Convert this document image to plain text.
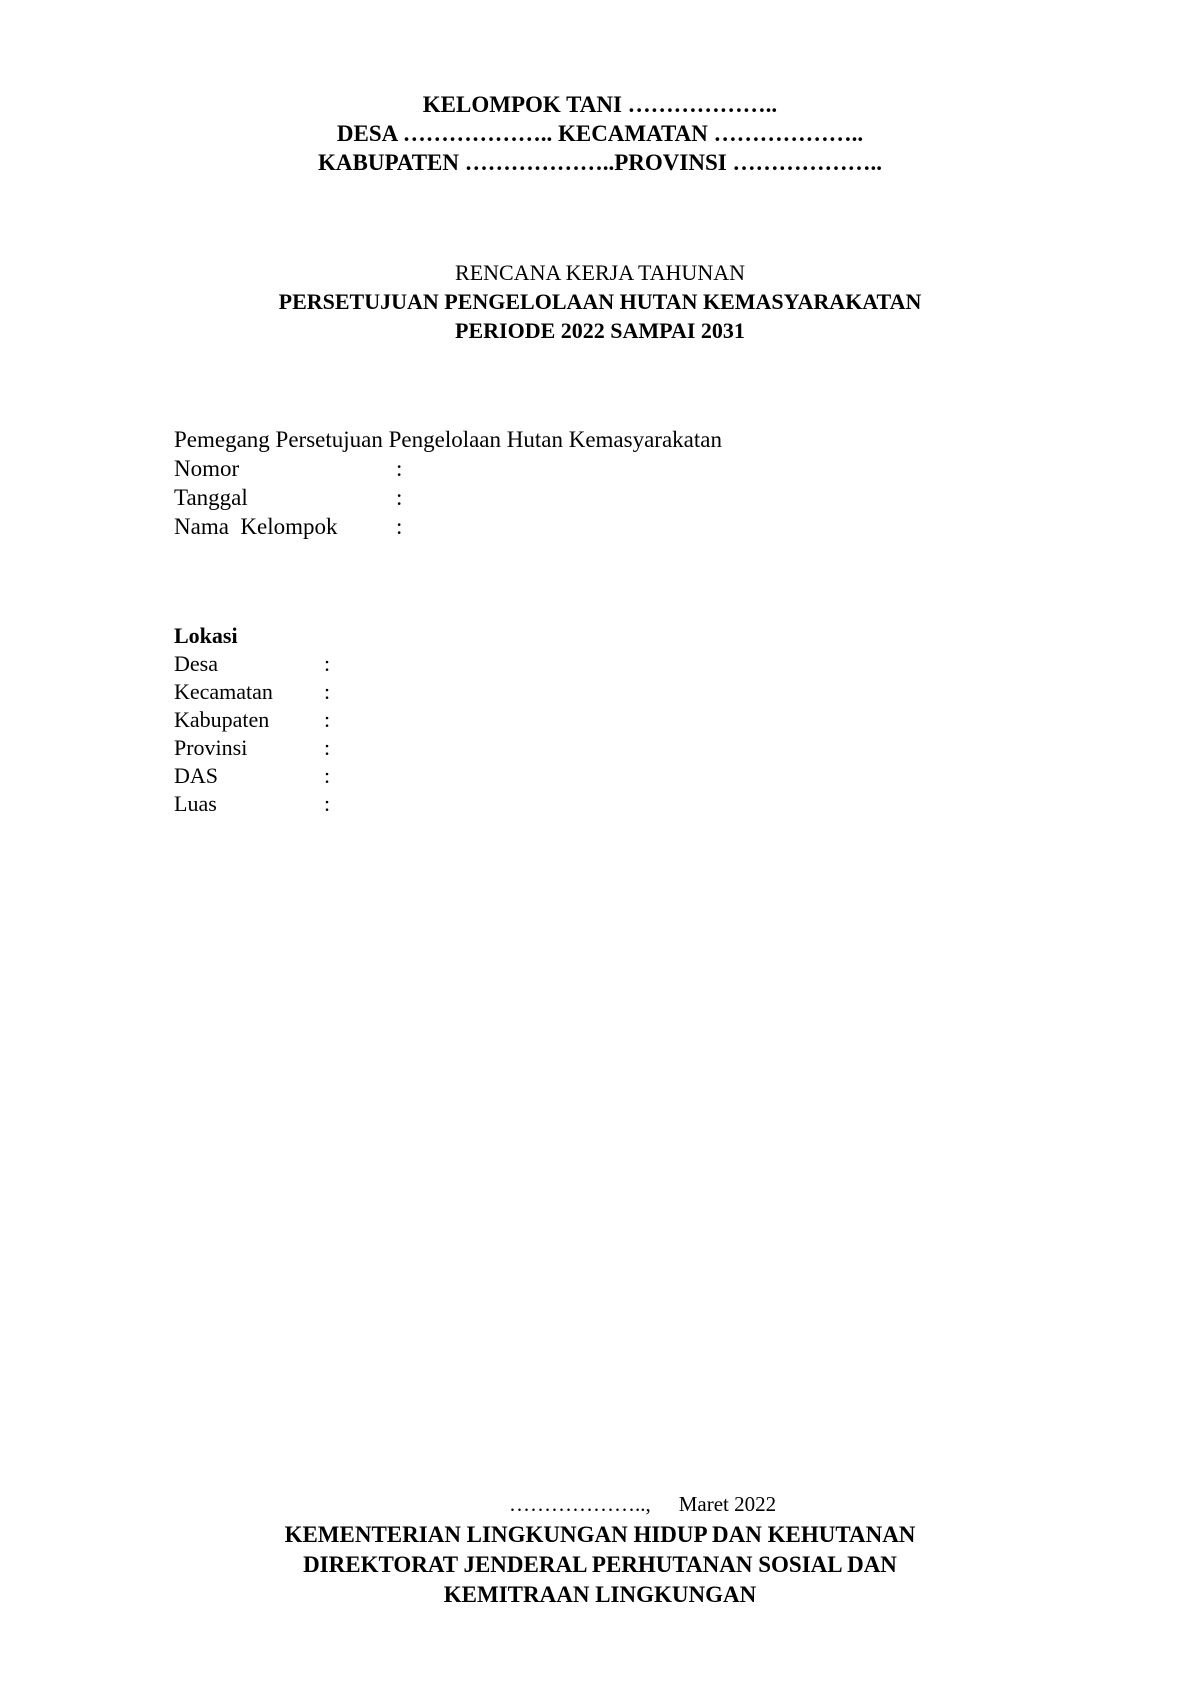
KELOMPOK TANI ………………..
DESA ……………….. KECAMATAN ………………..
KABUPATEN ………………..PROVINSI ………………..
RENCANA KERJA TAHUNAN
PERSETUJUAN PENGELOLAAN HUTAN KEMASYARAKATAN
PERIODE 2022 SAMPAI 2031
Pemegang Persetujuan Pengelolaan Hutan Kemasyarakatan
Nomor	:
Tanggal	:
Nama  Kelompok	:
Lokasi
Desa	:
Kecamatan	:
Kabupaten	:
Provinsi	:
DAS	:
Luas	:

……………….., Maret 2022

KEMENTERIAN LINGKUNGAN HIDUP DAN KEHUTANAN
DIREKTORAT JENDERAL PERHUTANAN SOSIAL DAN
KEMITRAAN LINGKUNGAN
